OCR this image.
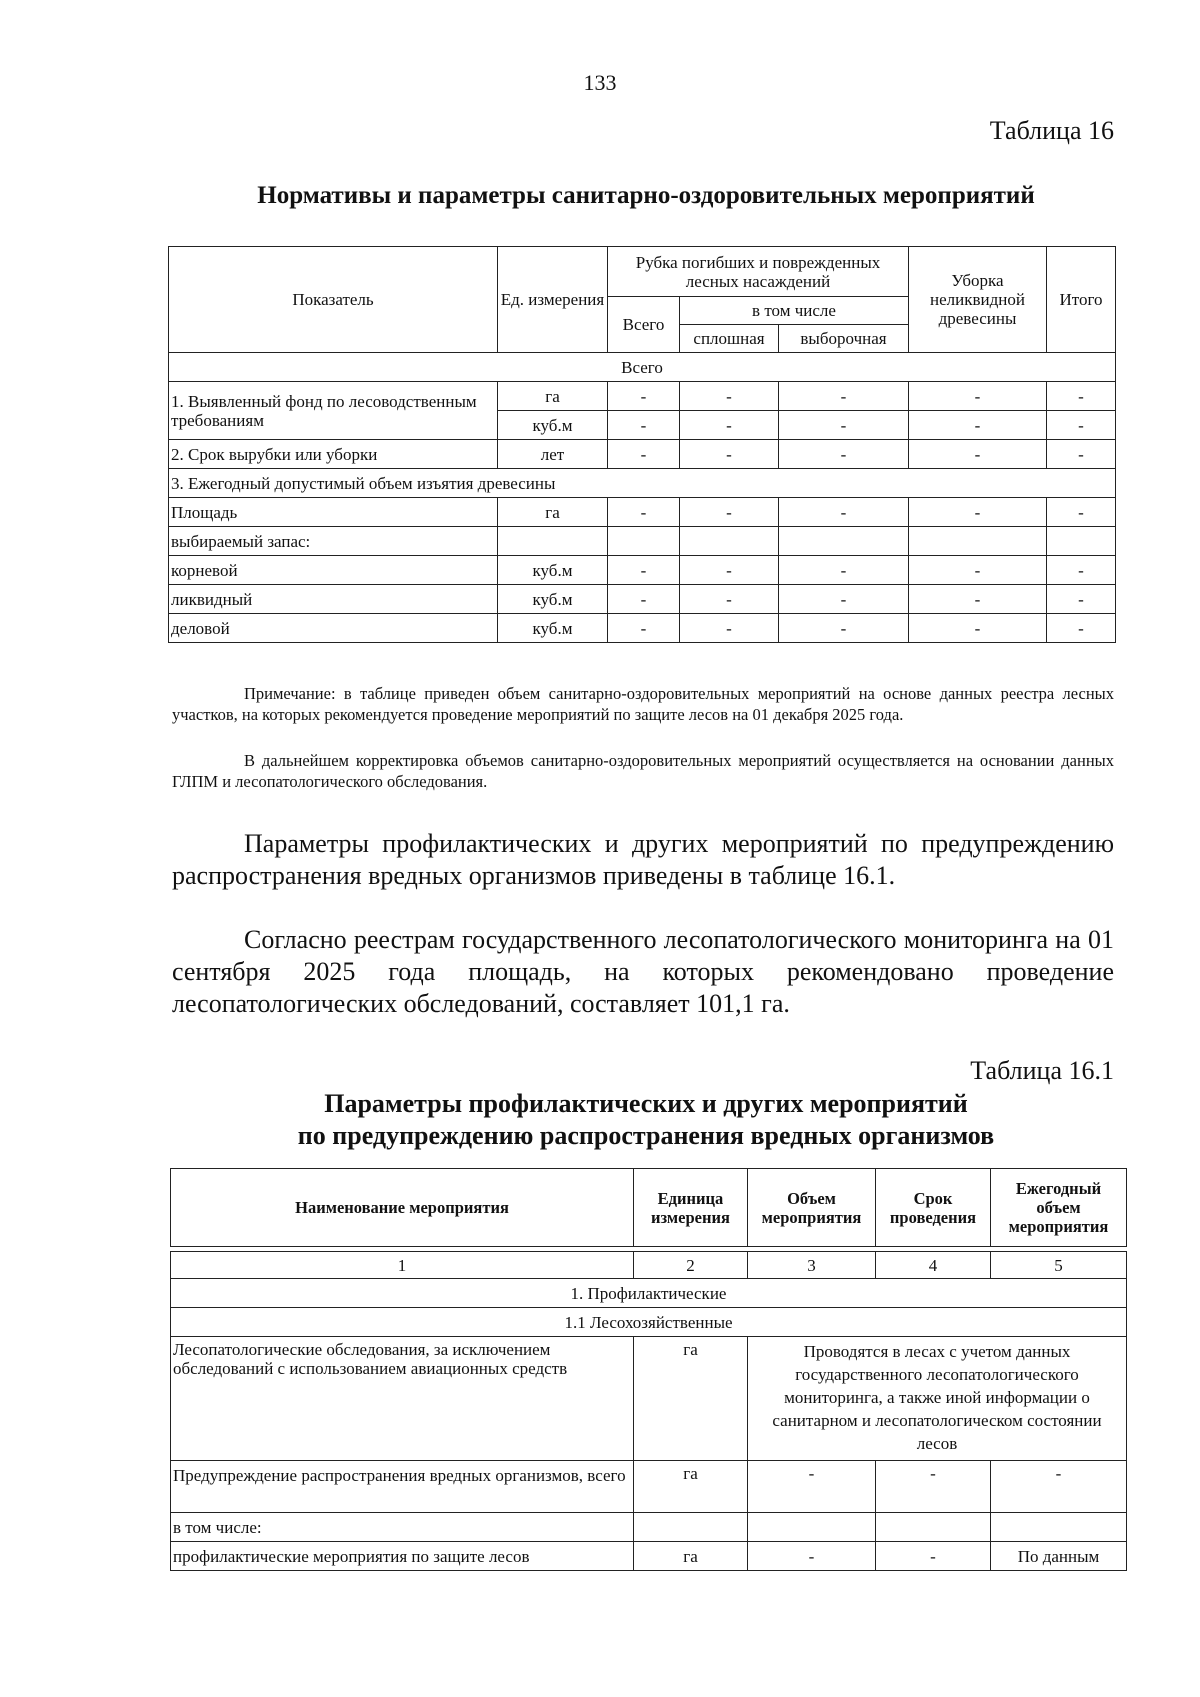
133
Таблица 16
Нормативы и параметры санитарно-оздоровительных мероприятий
Показатель	Ед. измерения	Рубка погибших и поврежденных лесных насаждений			Уборка неликвидной древесины	Итого
		Всего	в том числе			
			сплошная	выборочная		
Всего						
1. Выявленный фонд по лесоводственным требованиям	га	-	-	-	-	-
	куб.м	-	-	-	-	-
2. Срок вырубки или уборки	лет	-	-	-	-	-
3. Ежегодный допустимый объем изъятия древесины						
Площадь	га	-	-	-	-	-
выбираемый запас:						
корневой	куб.м	-	-	-	-	-
ликвидный	куб.м	-	-	-	-	-
деловой	куб.м	-	-	-	-	-
Примечание: в таблице приведен объем санитарно-оздоровительных мероприятий на основе данных реестра лесных участков, на которых рекомендуется проведение мероприятий по защите лесов на 01 декабря 2025 года.
В дальнейшем корректировка объемов санитарно-оздоровительных мероприятий осуществляется на основании данных ГЛПМ и лесопатологического обследования.
Параметры профилактических и других мероприятий по предупреждению распространения вредных организмов приведены в таблице 16.1.
Согласно реестрам государственного лесопатологического мониторинга на 01 сентября 2025 года площадь, на которых рекомендовано проведение лесопатологических обследований, составляет 101,1 га.
Таблица 16.1
Параметры профилактических и других мероприятий
по предупреждению распространения вредных организмов
Наименование мероприятия	Единица измерения	Объем мероприятия	Срок проведения	Ежегодный объем мероприятия
1	2	3	4	5
1. Профилактические				
1.1 Лесохозяйственные				
Лесопатологические обследования, за исключением обследований с использованием авиационных средств	га	Проводятся в лесах с учетом данных государственного лесопатологического мониторинга, а также иной информации о санитарном и лесопатологическом состоянии лесов		
Предупреждение распространения вредных организмов, всего	га	-	-	-
в том числе:				
профилактические мероприятия по защите лесов	га	-	-	По данным
